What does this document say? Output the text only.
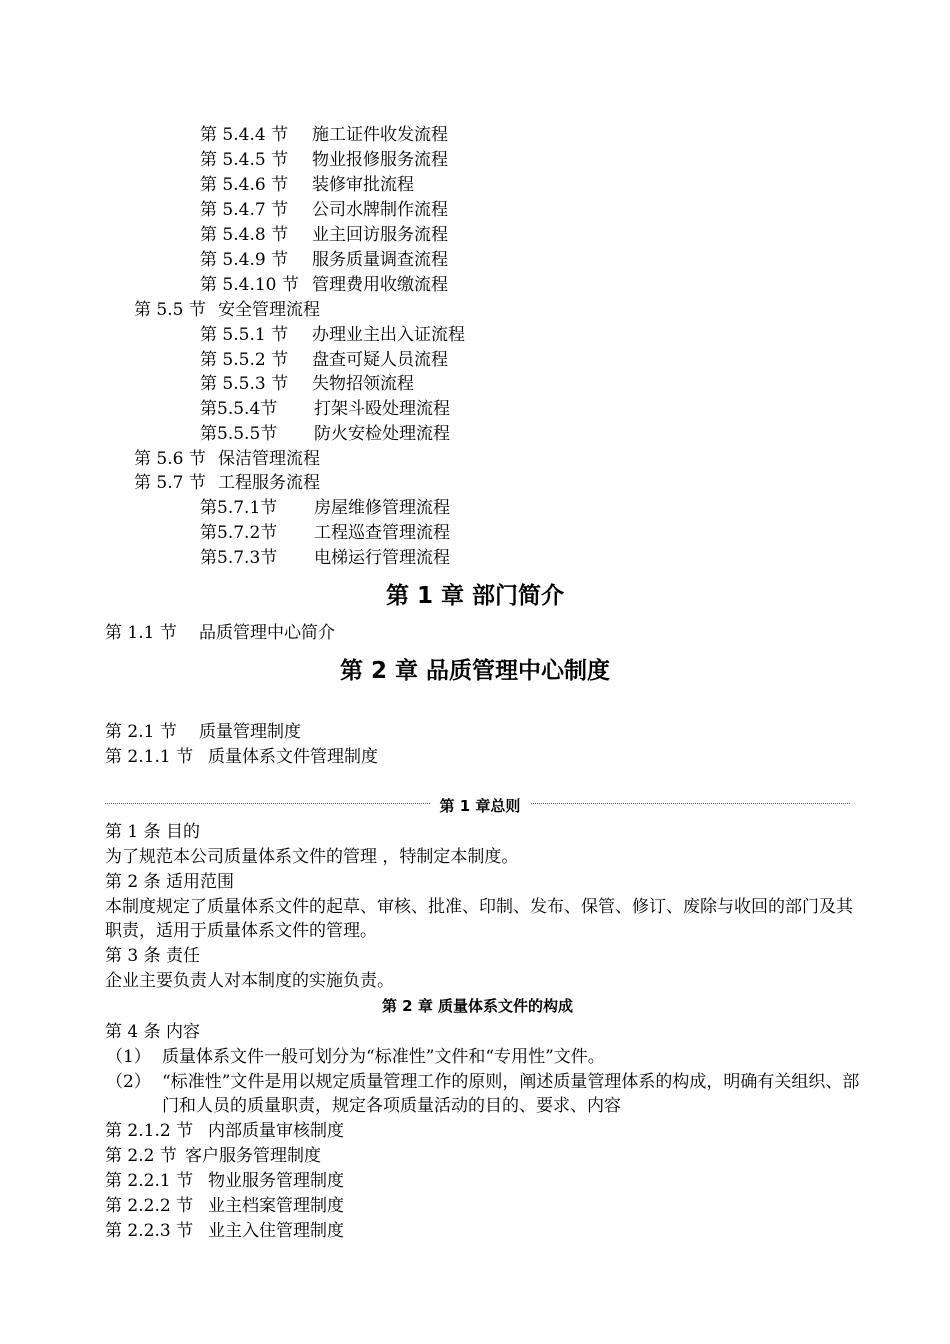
第 5.4.4 节 施工证件收发流程
第 5.4.5 节 物业报修服务流程
第 5.4.6 节 装修审批流程
第 5.4.7 节 公司水牌制作流程
第 5.4.8 节 业主回访服务流程
第 5.4.9 节 服务质量调查流程
第 5.4.10 节 管理费用收缴流程
第 5.5 节 安全管理流程
第 5.5.1 节 办理业主出入证流程
第 5.5.2 节 盘查可疑人员流程
第 5.5.3 节 失物招领流程
第5.5.4节 打架斗殴处理流程
第5.5.5节 防火安检处理流程
第 5.6 节 保洁管理流程
第 5.7 节 工程服务流程
第5.7.1节 房屋维修管理流程
第5.7.2节 工程巡查管理流程
第5.7.3节 电梯运行管理流程
第 1 章 部门简介
第 1.1 节 品质管理中心简介
第 2 章 品质管理中心制度
第 2.1 节 质量管理制度
第 2.1.1 节 质量体系文件管理制度
第 1 章总则
第 1 条 目的
为了规范本公司质量体系文件的管理 ，特制定本制度。
第 2 条 适用范围
本制度规定了质量体系文件的起草、审核、批准、印制、发布、保管、修订、废除与收回的部门及其职责，适用于质量体系文件的管理。
第 3 条 责任
企业主要负责人对本制度的实施负责。
第 2 章 质量体系文件的构成
第 4 条 内容
（1） 质量体系文件一般可划分为“标准性”文件和“专用性”文件。
（2） “标准性”文件是用以规定质量管理工作的原则，阐述质量管理体系的构成，明确有关组织、部门和人员的质量职责，规定各项质量活动的目的、要求、内容
第 2.1.2 节 内部质量审核制度
第 2.2 节 客户服务管理制度
第 2.2.1 节 物业服务管理制度
第 2.2.2 节 业主档案管理制度
第 2.2.3 节 业主入住管理制度
